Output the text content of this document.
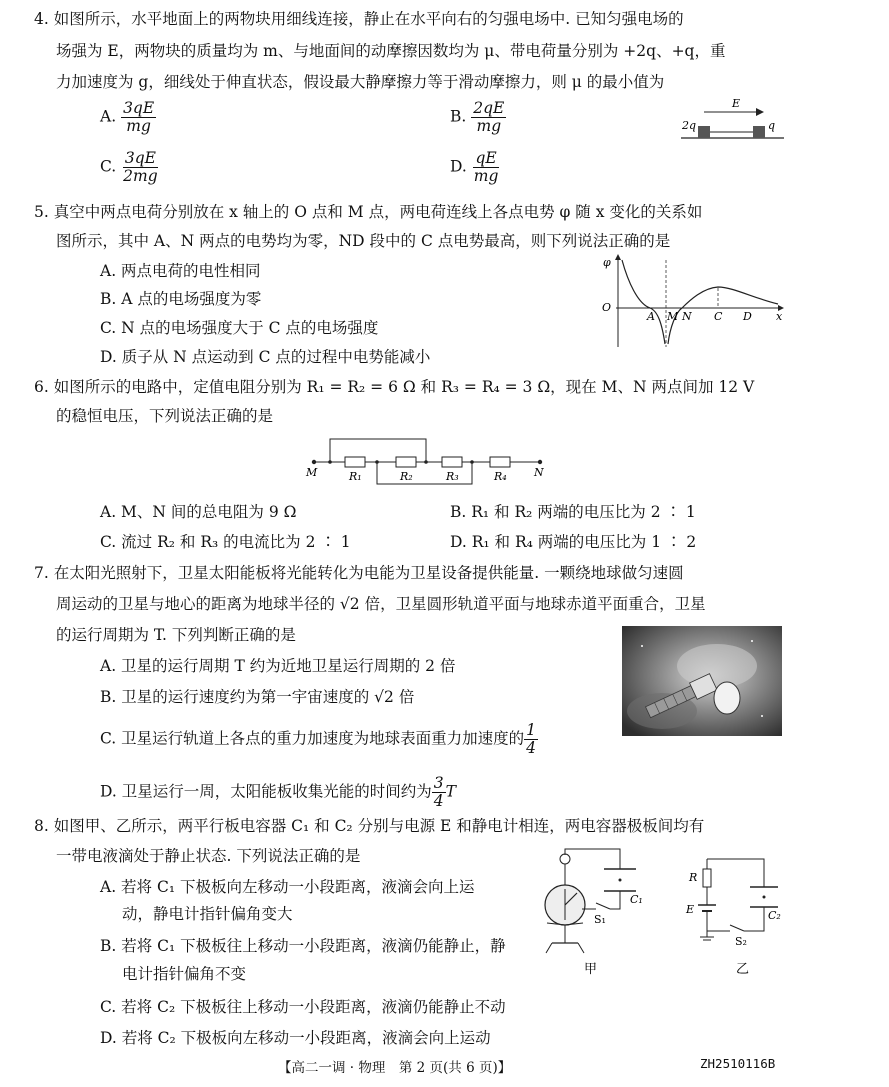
4. 如图所示，水平地面上的两物块用细线连接，静止在水平向右的匀强电场中. 已知匀强电场的
场强为 E，两物块的质量均为 m、与地面间的动摩擦因数均为 μ、带电荷量分别为 +2q、+q，重
力加速度为 g，细线处于伸直状态，假设最大静摩擦力等于滑动摩擦力，则 μ 的最小值为
A. $\frac{3qE}{mg}$	B. $\frac{2qE}{mg}$
C. $\frac{3qE}{2mg}$	D. $\frac{qE}{mg}$
E
2q	q
5. 真空中两点电荷分别放在 x 轴上的 O 点和 M 点，两电荷连线上各点电势 φ 随 x 变化的关系如
图所示，其中 A、N 两点的电势均为零，ND 段中的 C 点电势最高，则下列说法正确的是
A. 两点电荷的电性相同
B. A 点的电场强度为零
C. N 点的电场强度大于 C 点的电场强度
D. 质子从 N 点运动到 C 点的过程中电势能减小
φ
O
x
A M N C D
6. 如图所示的电路中，定值电阻分别为 R₁ = R₂ = 6 Ω 和 R₃ = R₄ = 3 Ω，现在 M、N 两点间加 12 V
的稳恒电压，下列说法正确的是
M	N
R₁	R₂	R₃	R₄
A. M、N 间的总电阻为 9 Ω	B. R₁ 和 R₂ 两端的电压比为 2 ∶ 1
C. 流过 R₂ 和 R₃ 的电流比为 2 ∶ 1	D. R₁ 和 R₄ 两端的电压比为 1 ∶ 2
7. 在太阳光照射下，卫星太阳能板将光能转化为电能为卫星设备提供能量. 一颗绕地球做匀速圆
周运动的卫星与地心的距离为地球半径的 √2 倍，卫星圆形轨道平面与地球赤道平面重合，卫星
的运行周期为 T. 下列判断正确的是
A. 卫星的运行周期 T 约为近地卫星运行周期的 2 倍
B. 卫星的运行速度约为第一宇宙速度的 √2 倍
C. 卫星运行轨道上各点的重力加速度为地球表面重力加速度的 $\frac{1}{4}$
D. 卫星运行一周，太阳能板收集光能的时间约为 $\frac{3}{4}$ T
8. 如图甲、乙所示，两平行板电容器 C₁ 和 C₂ 分别与电源 E 和静电计相连，两电容器极板间均有
一带电液滴处于静止状态. 下列说法正确的是
A. 若将 C₁ 下极板向左移动一小段距离，液滴会向上运
动，静电计指针偏角变大
B. 若将 C₁ 下极板往上移动一小段距离，液滴仍能静止，静
电计指针偏角不变
C. 若将 C₂ 下极板往上移动一小段距离，液滴仍能静止不动
D. 若将 C₂ 下极板向左移动一小段距离，液滴会向上运动
C₁
S₁
甲
R
E	C₂
S₂
乙
【高二一调 · 物理　第 2 页(共 6 页)】	ZH2510116B
